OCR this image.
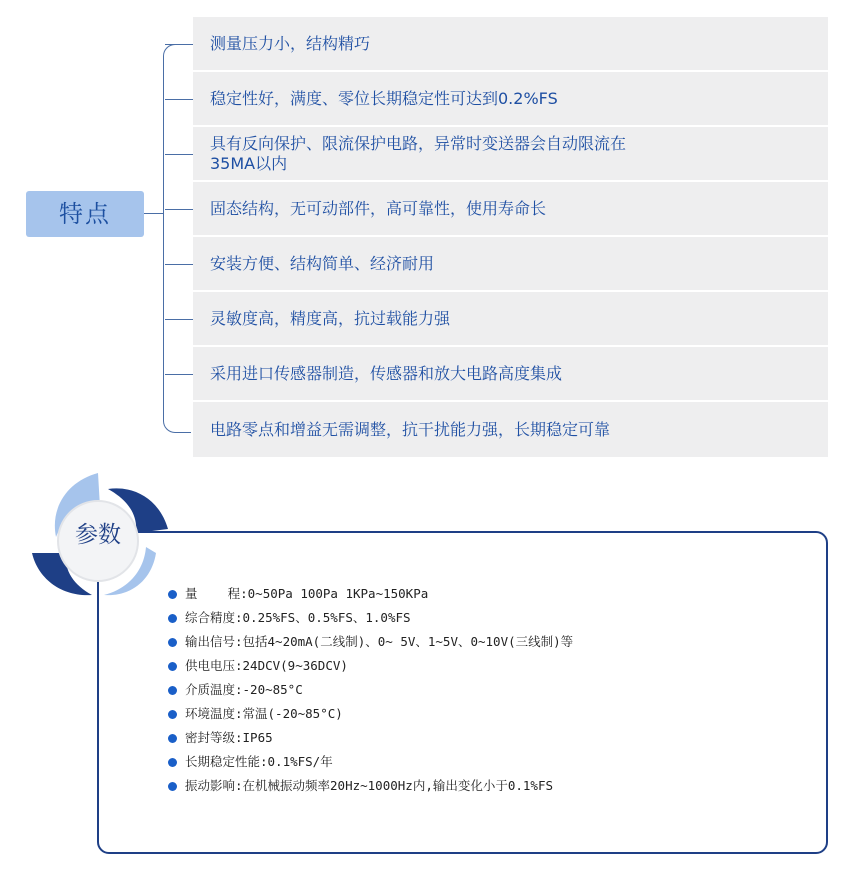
特点
测量压力小，结构精巧
稳定性好，满度、零位长期稳定性可达到0.2%FS
具有反向保护、限流保护电路，异常时变送器会自动限流在35MA以内
固态结构，无可动部件，高可靠性，使用寿命长
安装方便、结构简单、经济耐用
灵敏度高，精度高，抗过载能力强
采用进口传感器制造，传感器和放大电路高度集成
电路零点和增益无需调整，抗干扰能力强，长期稳定可靠
参数
量    程: 0~50Pa 100Pa 1KPa~150KPa
综合精度: 0.25%FS、0.5%FS、1.0%FS
输出信号: 包括4~20mA(二线制)、0~ 5V、1~5V、0~10V(三线制)等
供电电压: 24DCV(9~36DCV)
介质温度: -20~85°C
环境温度: 常温(-20~85°C)
密封等级: IP65
长期稳定性能: 0.1%FS/年
振动影响: 在机械振动频率20Hz~1000Hz内,输出变化小于0.1%FS
